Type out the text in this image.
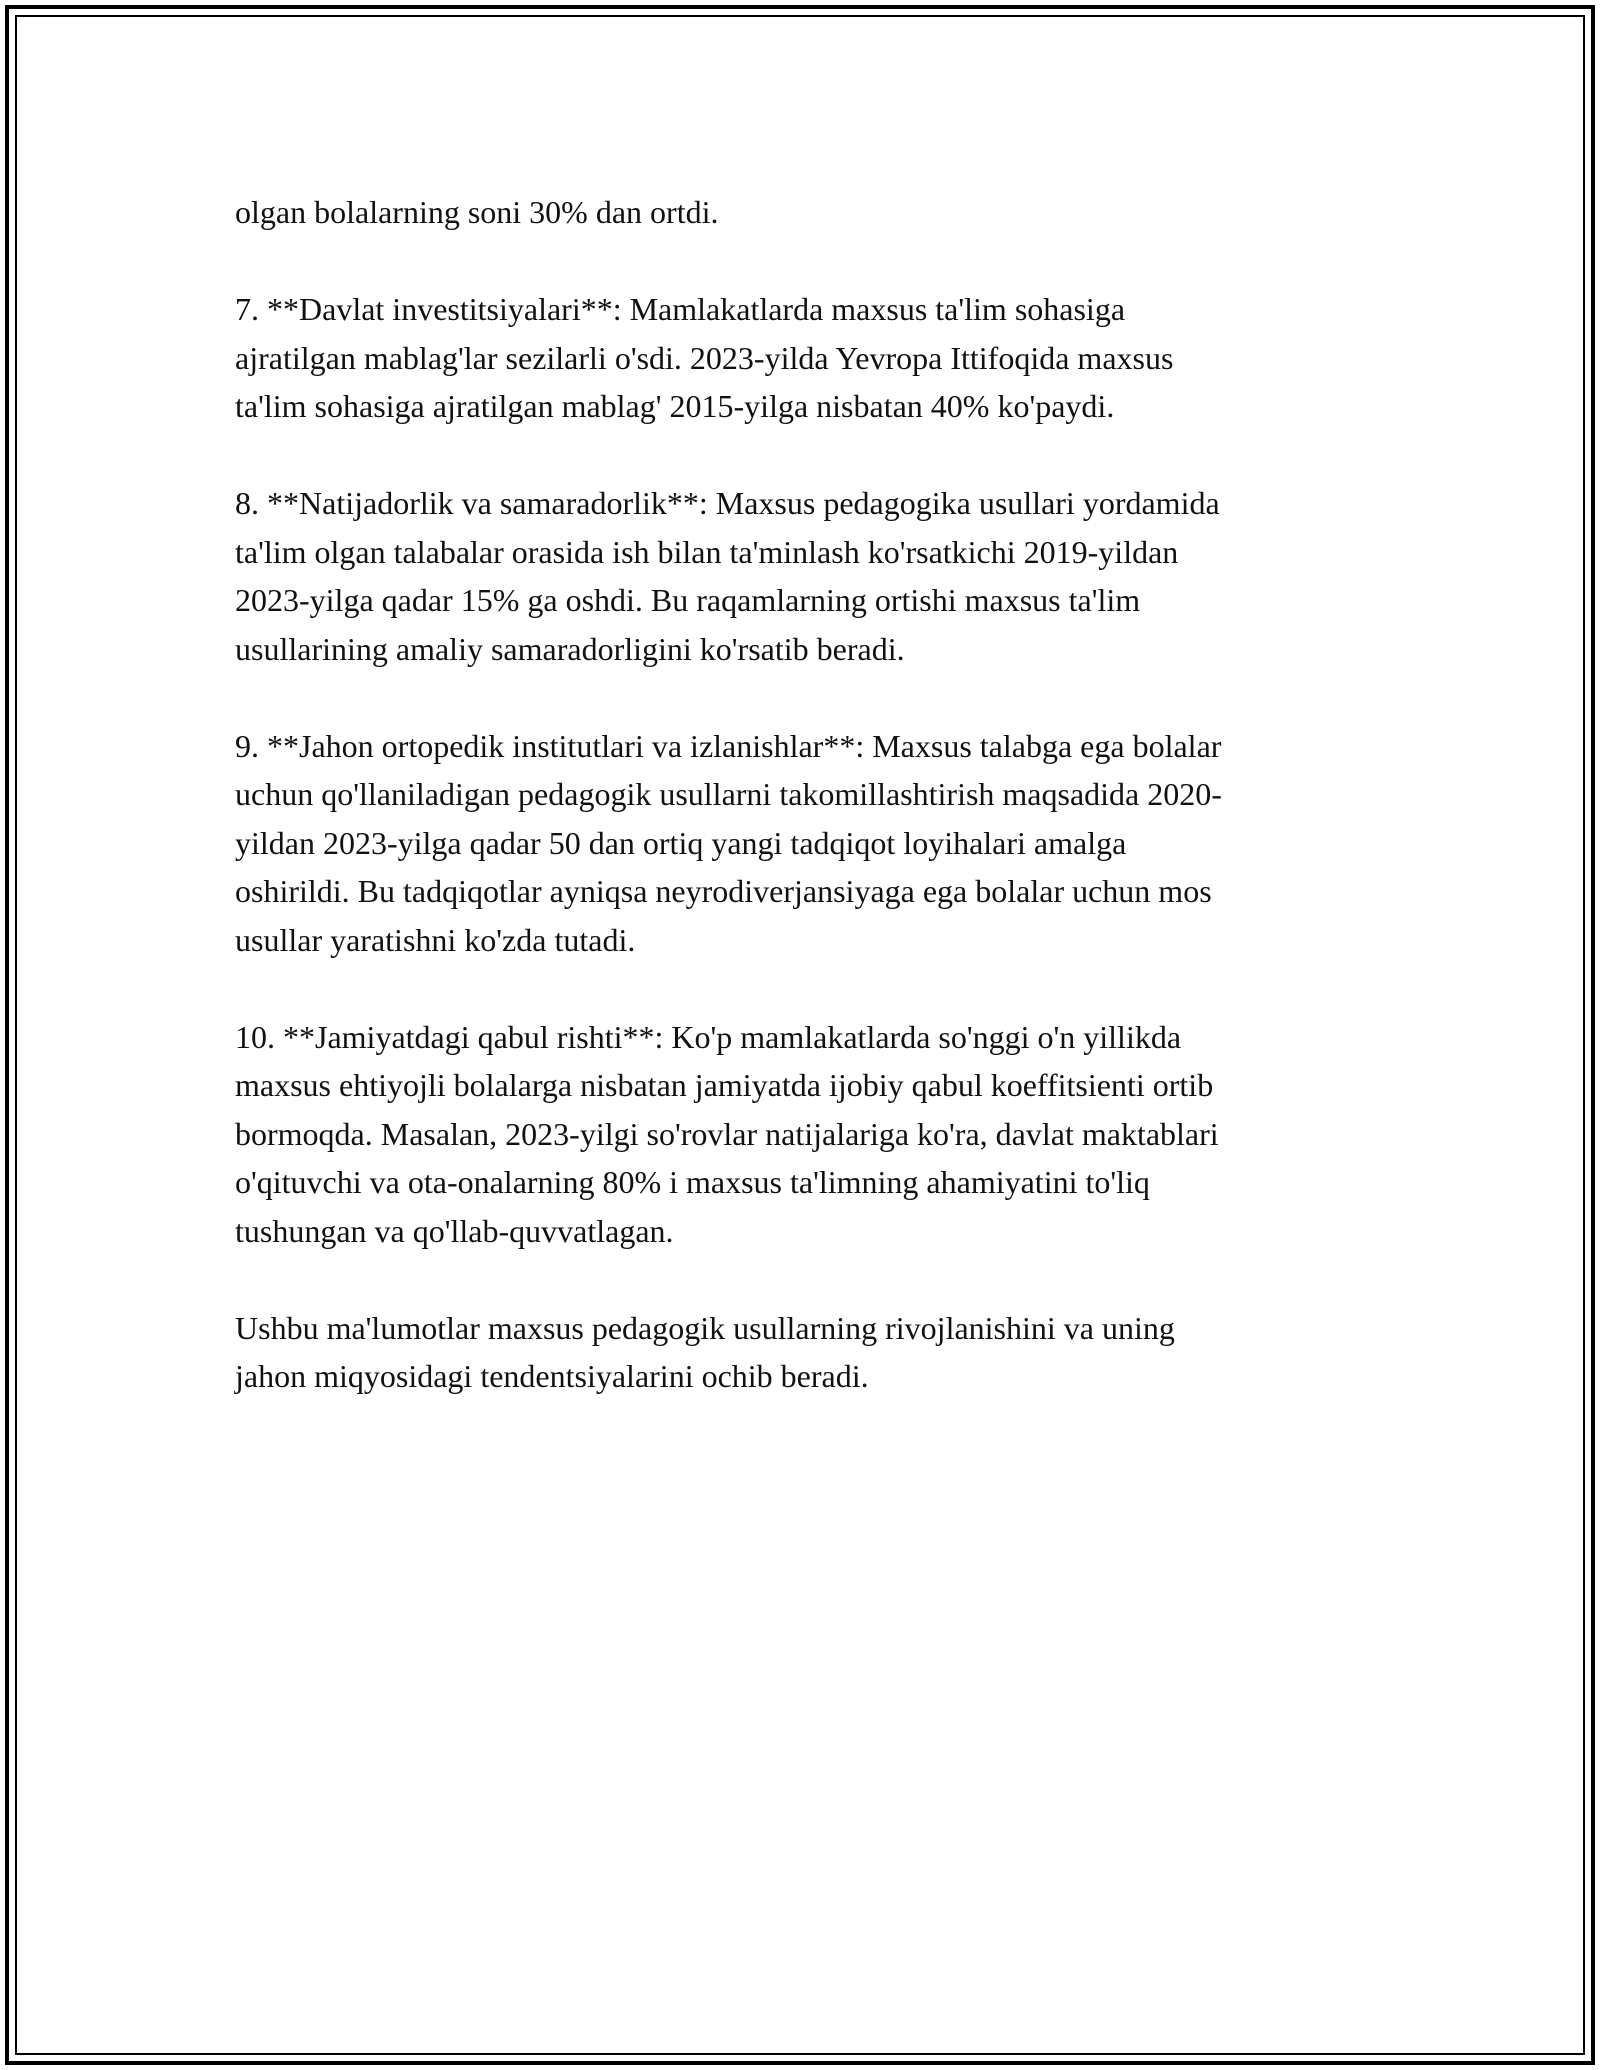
olgan bolalarning soni 30% dan ortdi.

7. **Davlat investitsiyalari**: Mamlakatlarda maxsus ta'lim sohasiga
ajratilgan mablag'lar sezilarli o'sdi. 2023-yilda Yevropa Ittifoqida maxsus
ta'lim sohasiga ajratilgan mablag' 2015-yilga nisbatan 40% ko'paydi.

8. **Natijadorlik va samaradorlik**: Maxsus pedagogika usullari yordamida
ta'lim olgan talabalar orasida ish bilan ta'minlash ko'rsatkichi 2019-yildan
2023-yilga qadar 15% ga oshdi. Bu raqamlarning ortishi maxsus ta'lim
usullarining amaliy samaradorligini ko'rsatib beradi.

9. **Jahon ortopedik institutlari va izlanishlar**: Maxsus talabga ega bolalar
uchun qo'llaniladigan pedagogik usullarni takomillashtirish maqsadida 2020-
yildan 2023-yilga qadar 50 dan ortiq yangi tadqiqot loyihalari amalga
oshirildi. Bu tadqiqotlar ayniqsa neyrodiverjansiyaga ega bolalar uchun mos
usullar yaratishni ko'zda tutadi.

10. **Jamiyatdagi qabul rishti**: Ko'p mamlakatlarda so'nggi o'n yillikda
maxsus ehtiyojli bolalarga nisbatan jamiyatda ijobiy qabul koeffitsienti ortib
bormoqda. Masalan, 2023-yilgi so'rovlar natijalariga ko'ra, davlat maktablari
o'qituvchi va ota-onalarning 80% i maxsus ta'limning ahamiyatini to'liq
tushungan va qo'llab-quvvatlagan.

Ushbu ma'lumotlar maxsus pedagogik usullarning rivojlanishini va uning
jahon miqyosidagi tendentsiyalarini ochib beradi.
